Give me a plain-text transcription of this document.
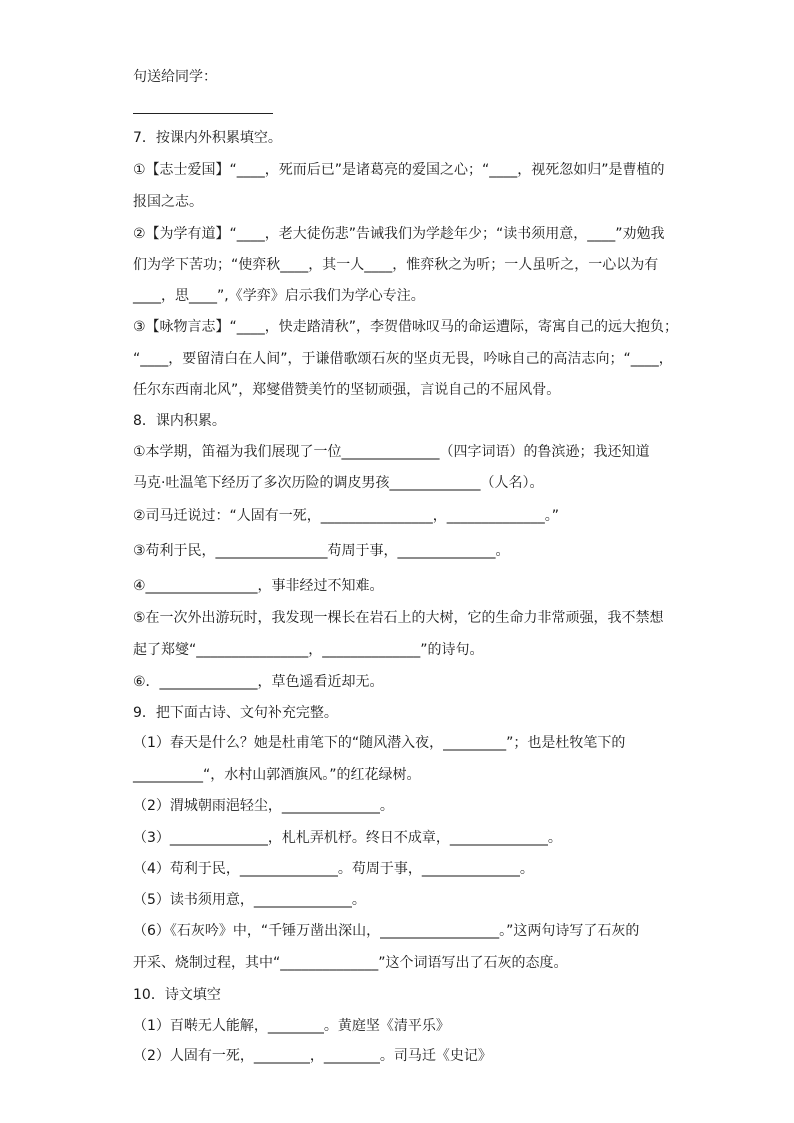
句送给同学：
7．按课内外积累填空。
①【志士爱国】“____，死而后已”是诸葛亮的爱国之心；“____，视死忽如归”是曹植的
报国之志。
②【为学有道】“____，老大徒伤悲”告诫我们为学趁年少；“读书须用意，____”劝勉我
们为学下苦功；“使弈秋____，其一人____，惟弈秋之为听；一人虽听之，一心以为有
____，思____”,《学弈》启示我们为学心专注。
③【咏物言志】“____，快走踏清秋”，李贺借咏叹马的命运遭际，寄寓自己的远大抱负；
“____，要留清白在人间”，于谦借歌颂石灰的坚贞无畏，吟咏自己的高洁志向；“____，
任尔东西南北风”，郑燮借赞美竹的坚韧顽强，言说自己的不屈风骨。
8．课内积累。
①本学期，笛福为我们展现了一位______________（四字词语）的鲁滨逊；我还知道
马克·吐温笔下经历了多次历险的调皮男孩_____________（人名）。
②司马迁说过：“人固有一死，________________，______________。”
③苟利于民，________________苟周于事，______________。
④________________，事非经过不知难。
⑤在一次外出游玩时，我发现一棵长在岩石上的大树，它的生命力非常顽强，我不禁想
起了郑燮“________________，______________”的诗句。
⑥．______________，草色遥看近却无。
9．把下面古诗、文句补充完整。
（1）春天是什么？她是杜甫笔下的“随风潜入夜，_________”；也是杜牧笔下的
__________“，水村山郭酒旗风。”的红花绿树。
（2）渭城朝雨浥轻尘，______________。
（3）______________，札札弄机杼。终日不成章，______________。
（4）苟利于民，______________。苟周于事，______________。
（5）读书须用意，______________。
（6）《石灰吟》中，“千锤万凿出深山，_________________。”这两句诗写了石灰的
开采、烧制过程，其中“______________”这个词语写出了石灰的态度。
10．诗文填空
（1）百啭无人能解，________。黄庭坚《清平乐》
（2）人固有一死，________，________。司马迁《史记》
